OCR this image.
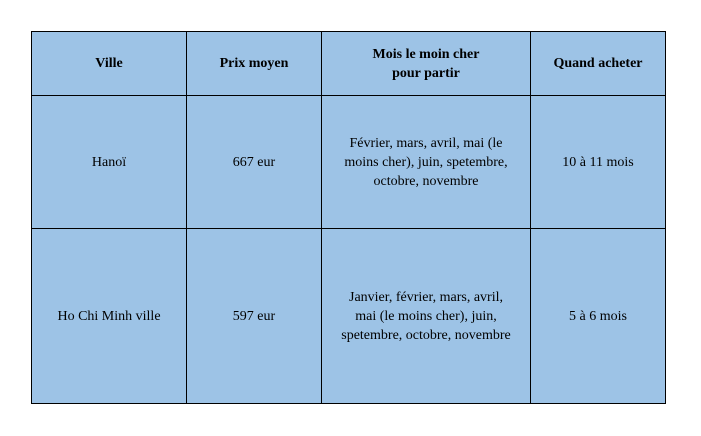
Ville	Prix moyen	Mois le moin cher
pour partir	Quand acheter
Hanoï	667 eur	Février, mars, avril, mai (le
moins cher), juin, spetembre,
octobre, novembre	10 à 11 mois
Ho Chi Minh ville	597 eur	Janvier, février, mars, avril,
mai (le moins cher), juin,
spetembre, octobre, novembre	5 à 6 mois
